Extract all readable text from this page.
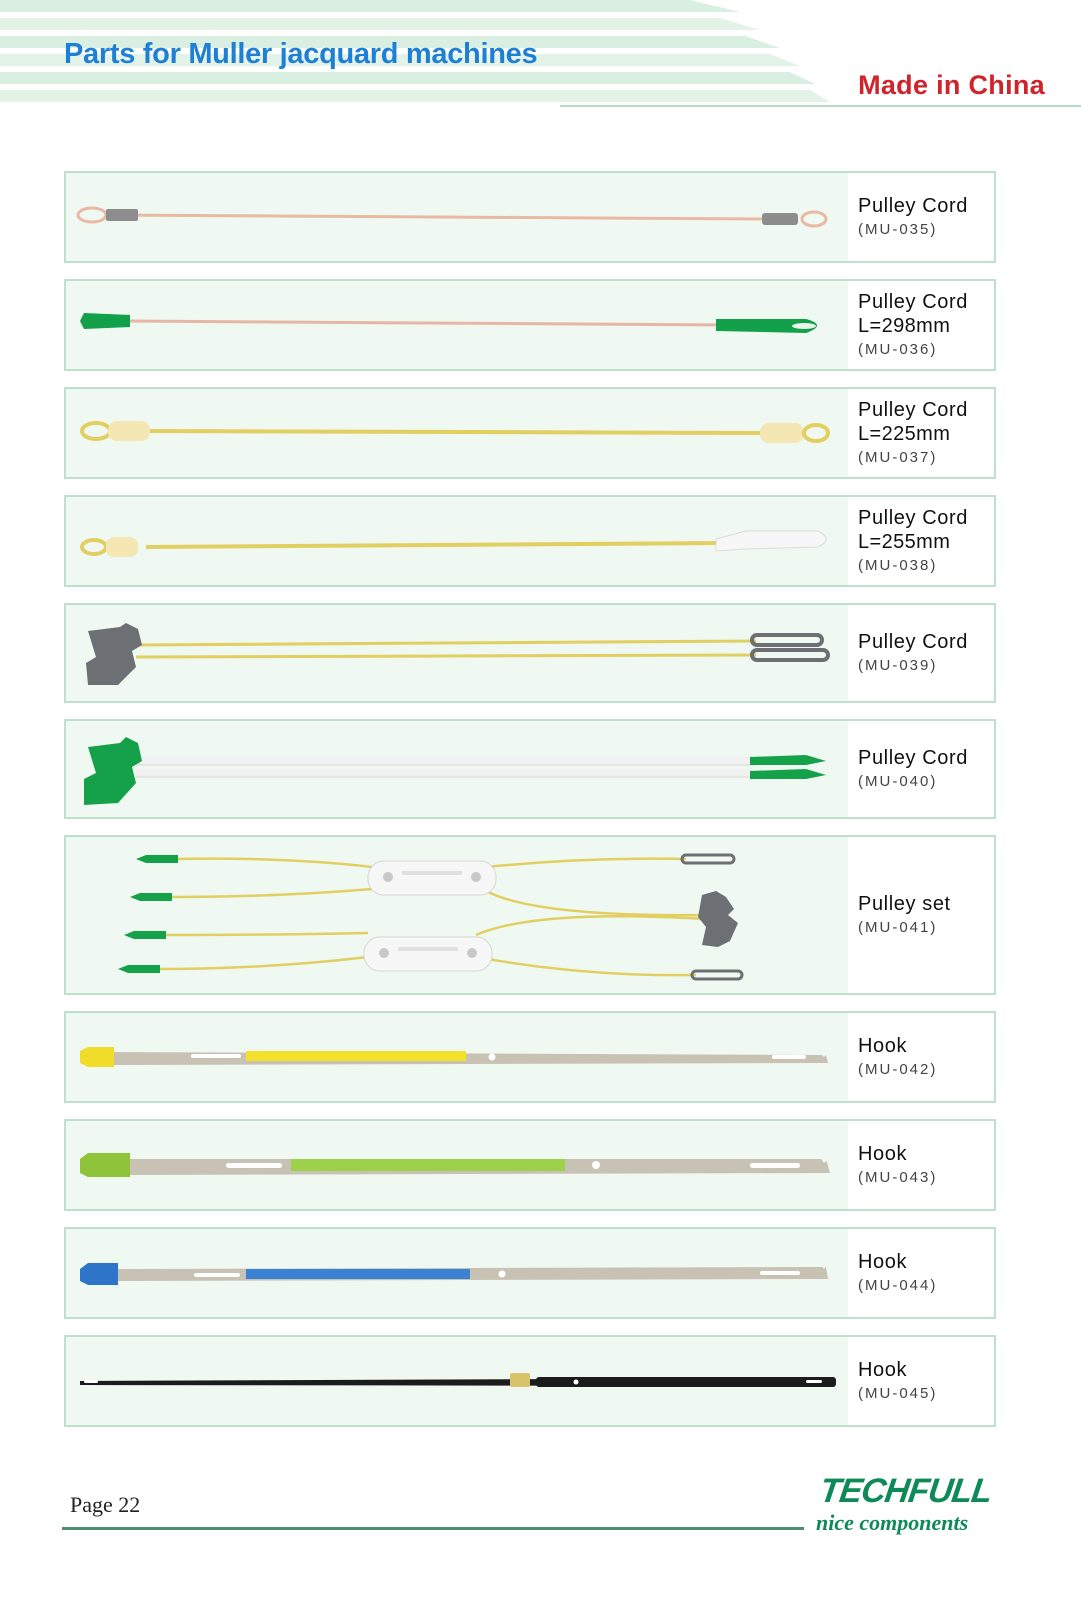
Parts for Muller jacquard machines
Made in China
Pulley Cord
(MU-035)
Pulley Cord
L=298mm
(MU-036)
Pulley Cord
L=225mm
(MU-037)
Pulley Cord
L=255mm
(MU-038)
Pulley Cord
(MU-039)
Pulley Cord
(MU-040)
Pulley set
(MU-041)
Hook
(MU-042)
Hook
(MU-043)
Hook
(MU-044)
Hook
(MU-045)
Page 22	TECHFULL
nice components
